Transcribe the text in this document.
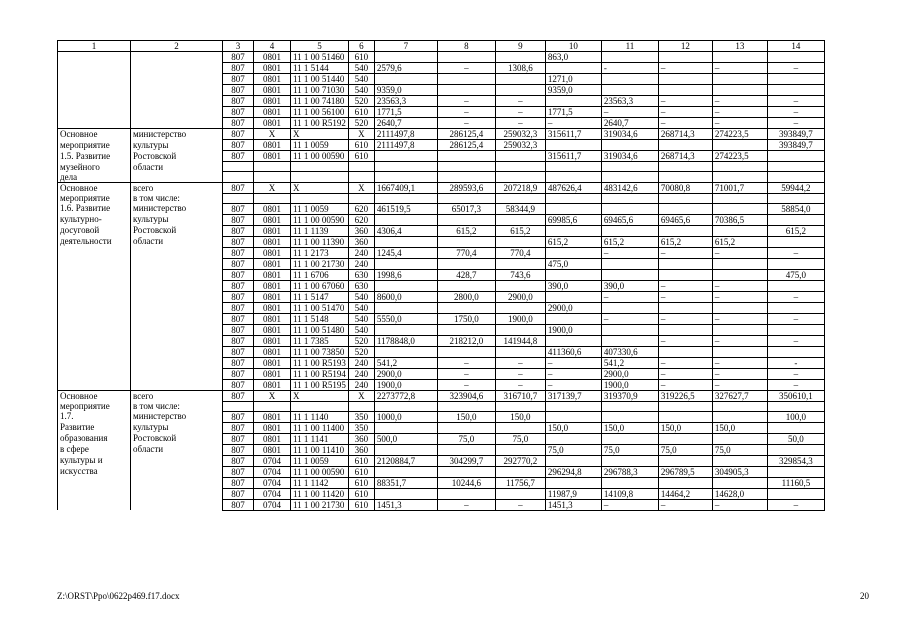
1	2	3	4	5	6	7	8	9	10	11	12	13	14
		807	0801	11 1 00 51460	610				863,0				
		807	0801	11 1 5144	540	2579,6	–	1308,6		-	–	–	–
		807	0801	11 1 00 51440	540				1271,0				
		807	0801	11 1 00 71030	540	9359,0			9359,0				
		807	0801	11 1 00 74180	520	23563,3	–	–		23563,3	–	–	–
		807	0801	11 1 00 56100	610	1771,5	–	–	1771,5	–	–	–	–
		807	0801	11 1 00 R5192	520	2640,7	–	–	–	2640,7	–	–	–
Основное	министерство	807	X	X	X	2111497,8	286125,4	259032,3	315611,7	319034,6	268714,3	274223,5	393849,7
мероприятие	культуры	807	0801	11 1 0059	610	2111497,8	286125,4	259032,3					393849,7
1.5. Развитие	Ростовской	807	0801	11 1 00 00590	610				315611,7	319034,6	268714,3	274223,5	
музейного	области												
дела													
Основное	всего	807	X	X	X	1667409,1	289593,6	207218,9	487626,4	483142,6	70080,8	71001,7	59944,2
мероприятие	в том числе:												
1.6. Развитие	министерство	807	0801	11 1 0059	620	461519,5	65017,3	58344,9					58854,0
культурно-	культуры	807	0801	11 1 00 00590	620				69985,6	69465,6	69465,6	70386,5	
досуговой	Ростовской	807	0801	11 1 1139	360	4306,4	615,2	615,2					615,2
деятельности	области	807	0801	11 1 00 11390	360				615,2	615,2	615,2	615,2	
		807	0801	11 1 2173	240	1245,4	770,4	770,4		–	–	–	–
		807	0801	11 1 00 21730	240				475,0				
		807	0801	11 1 6706	630	1998,6	428,7	743,6					475,0
		807	0801	11 1 00 67060	630				390,0	390,0	–	–	
		807	0801	11 1 5147	540	8600,0	2800,0	2900,0		–	–	–	–
		807	0801	11 1 00 51470	540				2900,0				
		807	0801	11 1 5148	540	5550,0	1750,0	1900,0		–	–	–	–
		807	0801	11 1 00 51480	540				1900,0				
		807	0801	11 1 7385	520	1178848,0	218212,0	141944,8			–	–	–
		807	0801	11 1 00 73850	520				411360,6	407330,6			
		807	0801	11 1 00 R5193	240	541,2	–	–	–	541,2	–	–	-
		807	0801	11 1 00 R5194	240	2900,0	–	–	–	2900,0	–	–	–
		807	0801	11 1 00 R5195	240	1900,0	–	–	–	1900,0	–	–	–
Основное	всего	807	X	X	X	2273772,8	323904,6	316710,7	317139,7	319370,9	319226,5	327627,7	350610,1
мероприятие	в том числе:												
1.7.	министерство	807	0801	11 1 1140	350	1000,0	150,0	150,0					100,0
Развитие	культуры	807	0801	11 1 00 11400	350				150,0	150,0	150,0	150,0	
образования	Ростовской	807	0801	11 1 1141	360	500,0	75,0	75,0					50,0
в сфере	области	807	0801	11 1 00 11410	360				75,0	75,0	75,0	75,0	
культуры и		807	0704	11 1 0059	610	2120884,7	304299,7	292770,2					329854,3
искусства		807	0704	11 1 00 00590	610				296294,8	296788,3	296789,5	304905,3	
		807	0704	11 1 1142	610	88351,7	10244,6	11756,7					11160,5
		807	0704	11 1 00 11420	610				11987,9	14109,8	14464,2	14628,0	
		807	0704	11 1 00 21730	610	1451,3	–	–	1451,3	–	–	–	–
Z:\ORST\Ppo\0622p469.f17.docx	20
